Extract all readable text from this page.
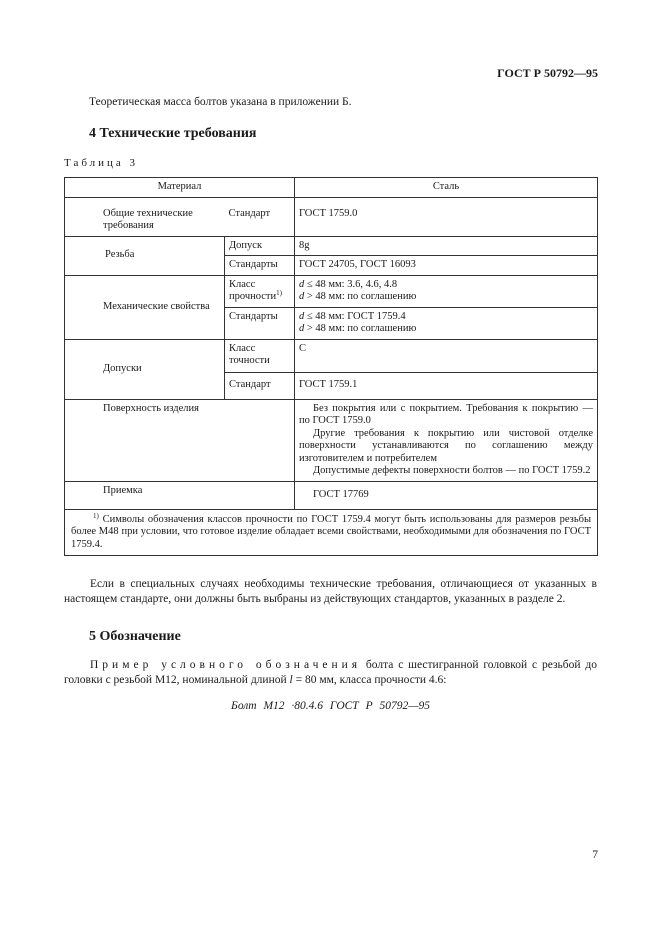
ГОСТ Р 50792—95
Теоретическая масса болтов указана в приложении Б.
4 Технические требования
Таблица 3
Материал		Сталь
Общие технические требования	Стандарт	ГОСТ 1759.0
Резьба	Допуск	8g
	Стандарты	ГОСТ 24705, ГОСТ 16093
Механические свойства	Класс прочности$^{1)}$	d ≤ 48 мм: 3.6, 4.6, 4.8
d > 48 мм: по соглашению

	Стандарты	d ≤ 48 мм: ГОСТ 1759.4
d > 48 мм: по соглашению

Допуски	Класс точности	C
	Стандарт	ГОСТ 1759.1
Поверхность изделия		Без покрытия или с покрытием. Требования к покрытию — по ГОСТ 1759.0
Другие требования к покрытию или чистовой отделке поверхности устанавливаются по соглашению между изготовителем и потребителем
Допустимые дефекты поверхности болтов — по ГОСТ 1759.2

Приемка		ГОСТ 17769
$^{1)}$ Символы обозначения классов прочности по ГОСТ 1759.4 могут быть использованы для размеров резьбы более М48 при условии, что готовое изделие обладает всеми свойствами, необходимыми для обозначения по ГОСТ 1759.4.		
Если в специальных случаях необходимы технические требования, отличающиеся от указанных в настоящем стандарте, они должны быть выбраны из действующих стандартов, указанных в разделе 2.
5 Обозначение
Пример условного обозначения болта с шестигранной головкой с резьбой до головки с резьбой М12, номинальной длиной l = 80 мм, класса прочности 4.6:
Болт М12 ·80.4.6 ГОСТ Р 50792—95
7
